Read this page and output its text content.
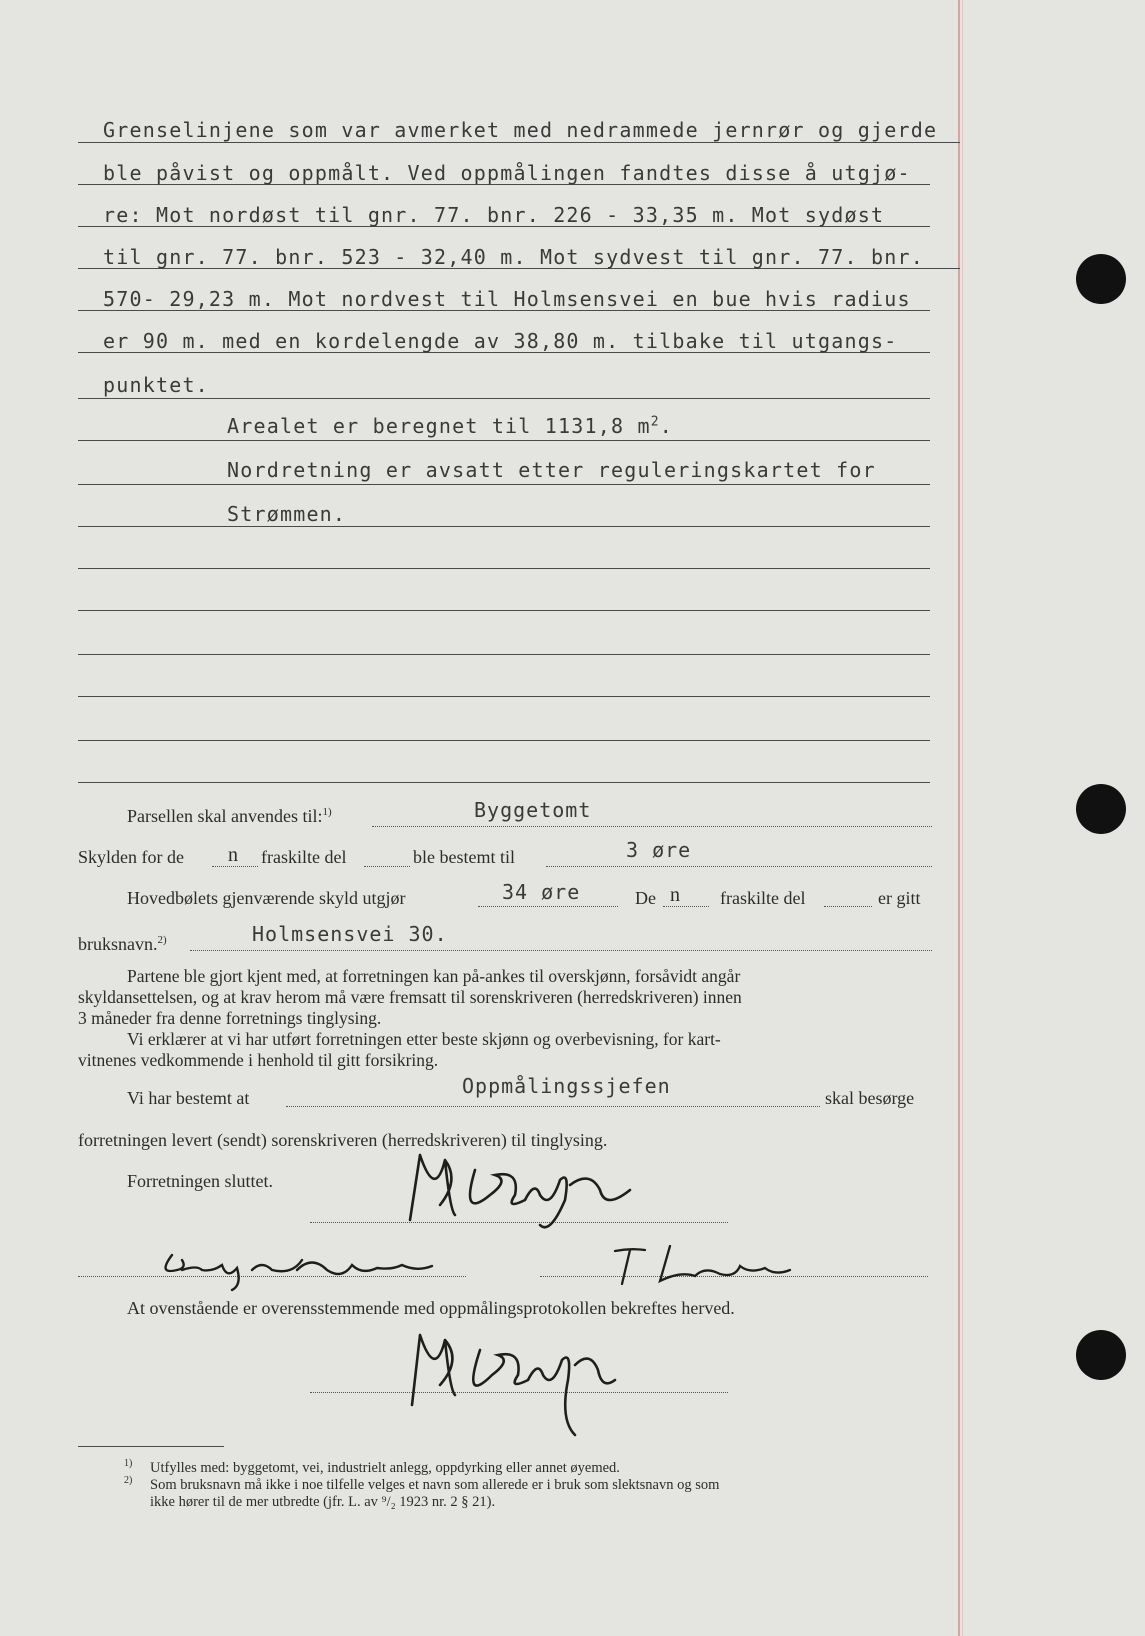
Grenselinjene som var avmerket med nedrammede jernrør og gjerde
ble påvist og oppmålt. Ved oppmålingen fandtes disse å utgjø-
re: Mot nordøst til gnr. 77. bnr. 226 - 33,35 m. Mot sydøst
til gnr. 77. bnr. 523 - 32,40 m. Mot sydvest til gnr. 77. bnr.
570- 29,23 m. Mot nordvest til Holmsensvei en bue hvis radius
er 90 m. med en kordelengde av 38,80 m. tilbake til utgangs-
punktet.
Arealet er beregnet til 1131,8 $m^2$.
Nordretning er avsatt etter reguleringskartet for
Strømmen.
Parsellen skal anvendes til:$^{1)}$	Byggetomt
Skylden for de n fraskilte del	ble bestemt til	3 øre
Hovedbølets gjenværende skyld utgjør	34 øre	De n fraskilte del	er gitt
bruksnavn.$^{2)}$	Holmsensvei 30.
Partene ble gjort kjent med, at forretningen kan på-ankes til overskjønn, forsåvidt angår
skyldansettelsen, og at krav herom må være fremsatt til sorenskriveren (herredskriveren) innen
3 måneder fra denne forretnings tinglysing.
Vi erklærer at vi har utført forretningen etter beste skjønn og overbevisning, for kart-
vitnenes vedkommende i henhold til gitt forsikring.
Vi har bestemt at	Oppmålingssjefen	skal besørge
forretningen levert (sendt) sorenskriveren (herredskriveren) til tinglysing.
Forretningen sluttet.
At ovenstående er overensstemmende med oppmålingsprotokollen bekreftes herved.
1) Utfylles med: byggetomt, vei, industrielt anlegg, oppdyrking eller annet øyemed.
2) Som bruksnavn må ikke i noe tilfelle velges et navn som allerede er i bruk som slektsnavn og som
ikke hører til de mer utbredte (jfr. L. av ⁹/₂ 1923 nr. 2 § 21).
